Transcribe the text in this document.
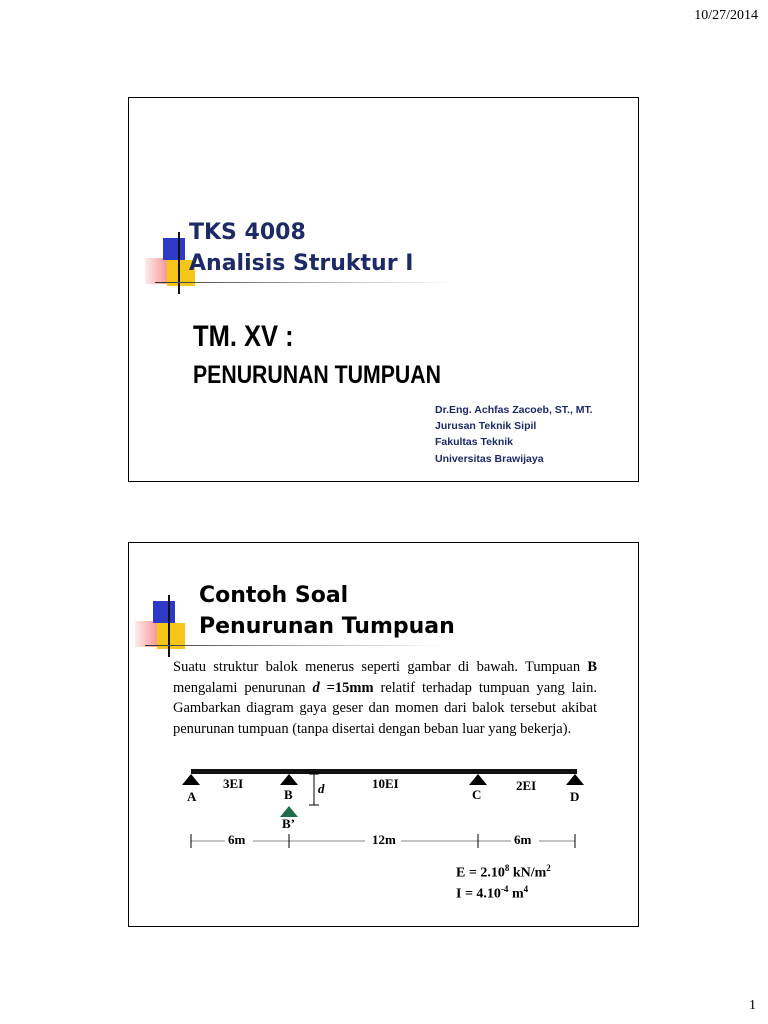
10/27/2014
TKS 4008
Analisis Struktur I
TM. XV :
PENURUNAN TUMPUAN
Dr.Eng. Achfas Zacoeb, ST., MT.
Jurusan Teknik Sipil
Fakultas Teknik
Universitas Brawijaya
Contoh Soal
Penurunan Tumpuan
Suatu struktur balok menerus seperti gambar di bawah. Tumpuan B mengalami penurunan d =15mm relatif terhadap tumpuan yang lain. Gambarkan diagram gaya geser dan momen dari balok tersebut akibat penurunan tumpuan (tanpa disertai dengan beban luar yang bekerja).
A	B	C	D
B’
d
3EI	10EI	2EI
6m	12m	6m
$E = 2.10^8$ $kN/m^2$
$I = 4.10^{-4}$ $m^4$
1
